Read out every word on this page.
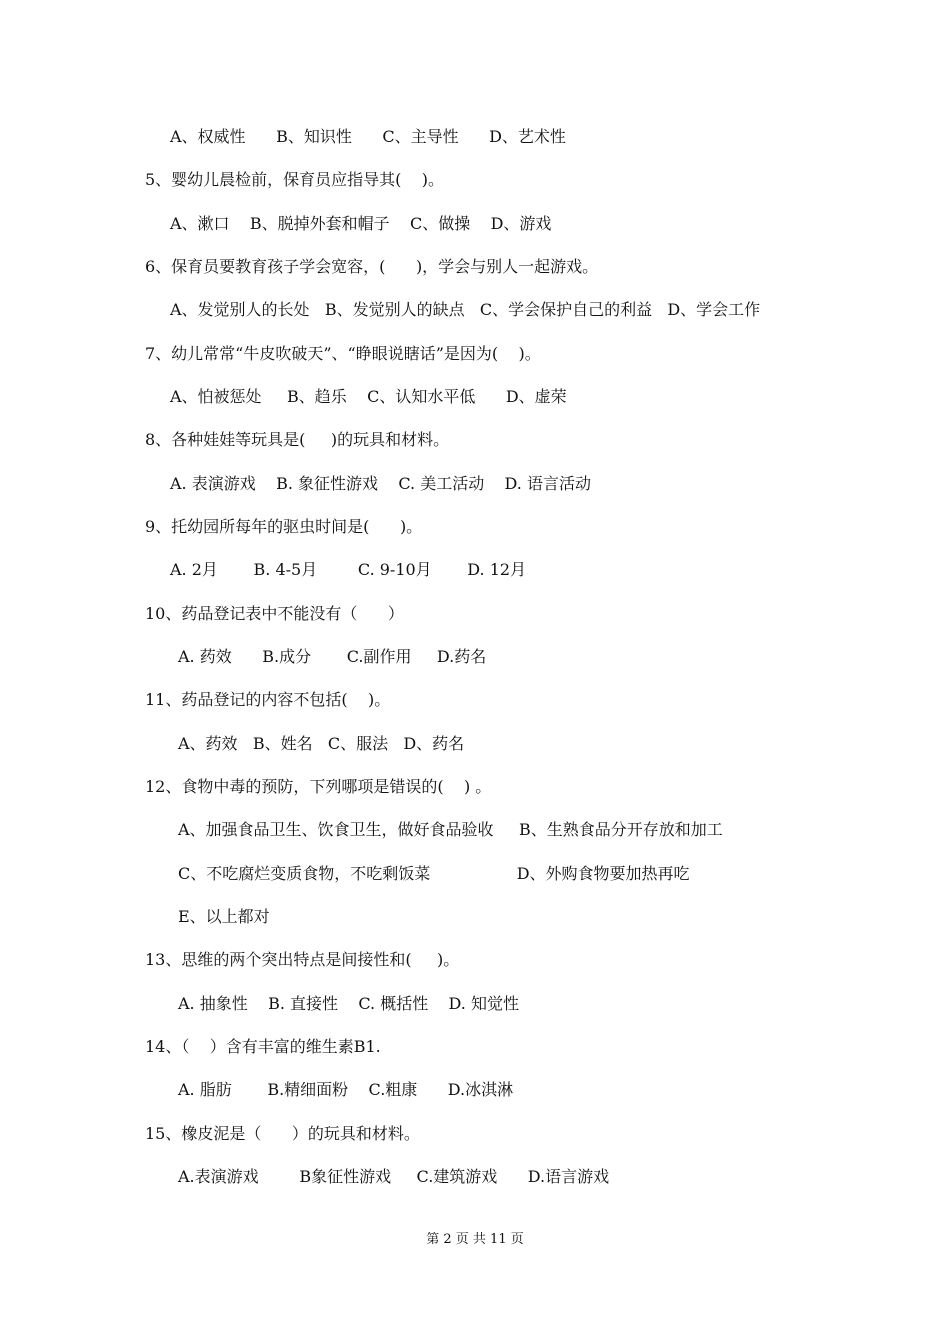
A、权威性      B、知识性      C、主导性      D、艺术性
5、婴幼儿晨检前，保育员应指导其(    )。
A、漱口    B、脱掉外套和帽子    C、做操    D、游戏
6、保育员要教育孩子学会宽容，(      )，学会与别人一起游戏。
A、发觉别人的长处   B、发觉别人的缺点   C、学会保护自己的利益   D、学会工作
7、幼儿常常“牛皮吹破天”、“睁眼说瞎话”是因为(    )。
A、怕被惩处     B、趋乐    C、认知水平低      D、虚荣
8、各种娃娃等玩具是(     )的玩具和材料。
A. 表演游戏    B. 象征性游戏    C. 美工活动    D. 语言活动
9、托幼园所每年的驱虫时间是(      )。
A. 2月       B. 4-5月        C. 9-10月       D. 12月
10、药品登记表中不能没有（      ）
A. 药效      B.成分       C.副作用     D.药名
11、药品登记的内容不包括(    )。
A、药效   B、姓名   C、服法   D、药名
12、食物中毒的预防，下列哪项是错误的(    ) 。
A、加强食品卫生、饮食卫生，做好食品验收     B、生熟食品分开存放和加工
C、不吃腐烂变质食物，不吃剩饭菜                 D、外购食物要加热再吃
E、以上都对
13、思维的两个突出特点是间接性和(     )。
A. 抽象性    B. 直接性    C. 概括性    D. 知觉性
14、（    ）含有丰富的维生素B1.
A. 脂肪       B.精细面粉    C.粗康      D.冰淇淋
15、橡皮泥是（      ）的玩具和材料。
A.表演游戏        B象征性游戏     C.建筑游戏      D.语言游戏
第 2 页 共 11 页
